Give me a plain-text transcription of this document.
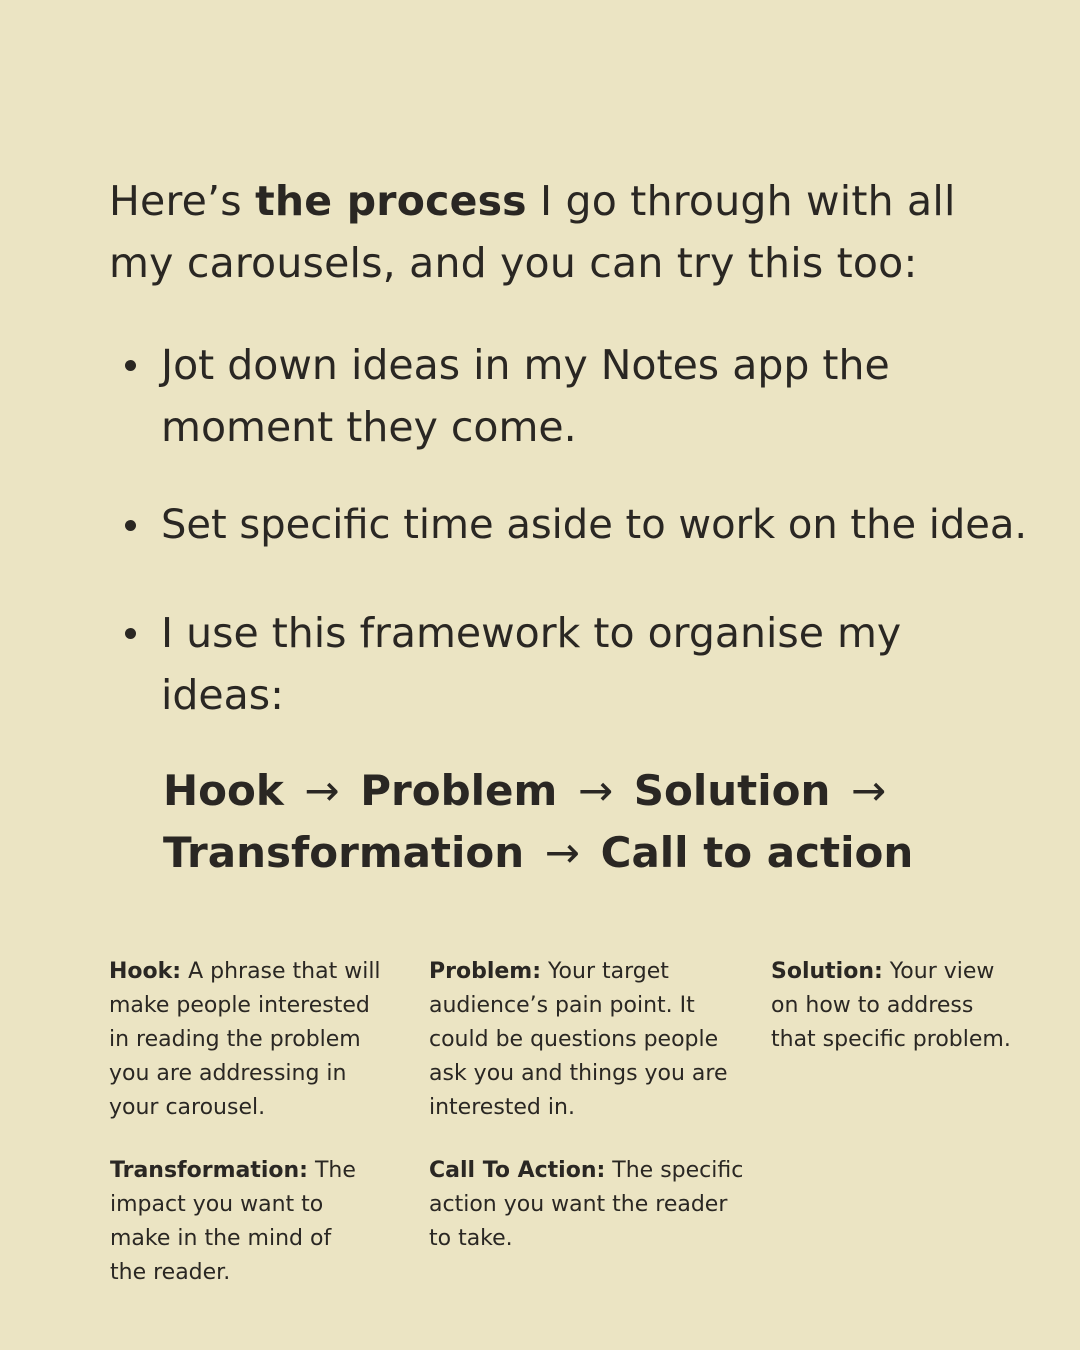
Here’s the process I go through with all my carousels, and you can try this too:

Jot down ideas in my Notes app the moment they come.
Set specific time aside to work on the idea.
I use this framework to organise my ideas:
Hook → Problem → Solution →
Transformation → Call to action

Hook: A phrase that will make people interested in reading the problem you are addressing in your carousel.

Problem: Your target audience’s pain point. It could be questions people ask you and things you are interested in.

Solution: Your view on how to address that specific problem.

Transformation: The impact you want to make in the mind of the reader.

Call To Action: The specific action you want the reader to take.
